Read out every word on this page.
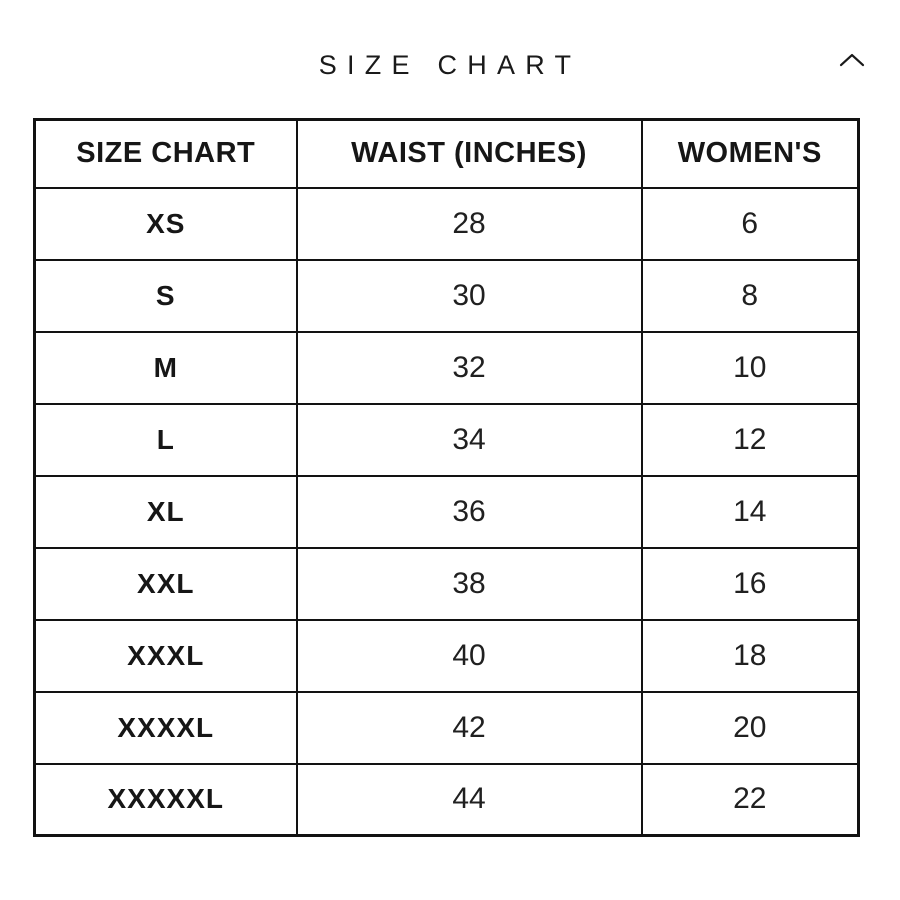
SIZE CHART
SIZE CHART	WAIST (INCHES)	WOMEN'S
XS	28	6
S	30	8
M	32	10
L	34	12
XL	36	14
XXL	38	16
XXXL	40	18
XXXXL	42	20
XXXXXL	44	22
